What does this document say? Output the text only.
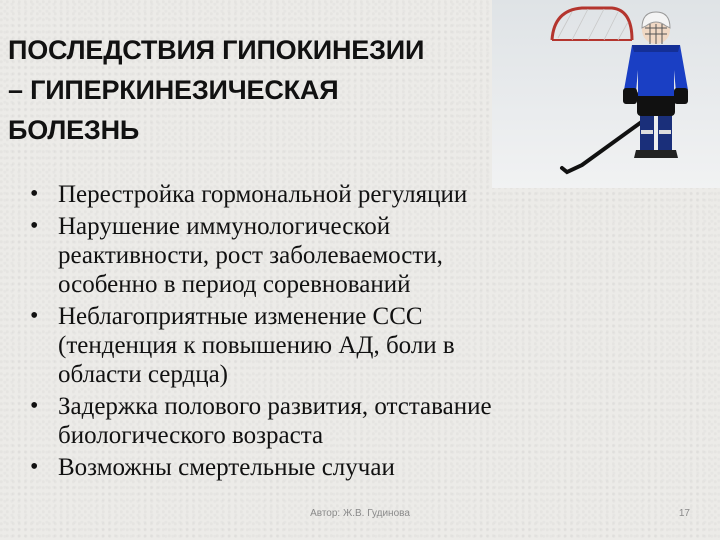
ПОСЛЕДСТВИЯ ГИПОКИНЕЗИИ
– ГИПЕРКИНЕЗИЧЕСКАЯ
БОЛЕЗНЬ
• Перестройка гормональной регуляции
• Нарушение иммунологической
реактивности, рост заболеваемости,
особенно в период соревнований
• Неблагоприятные изменение ССС
(тенденция к повышению АД, боли в
области сердца)
• Задержка полового развития, отставание
биологического возраста
• Возможны смертельные случаи
Автор: Ж.В. Гудинова	17
